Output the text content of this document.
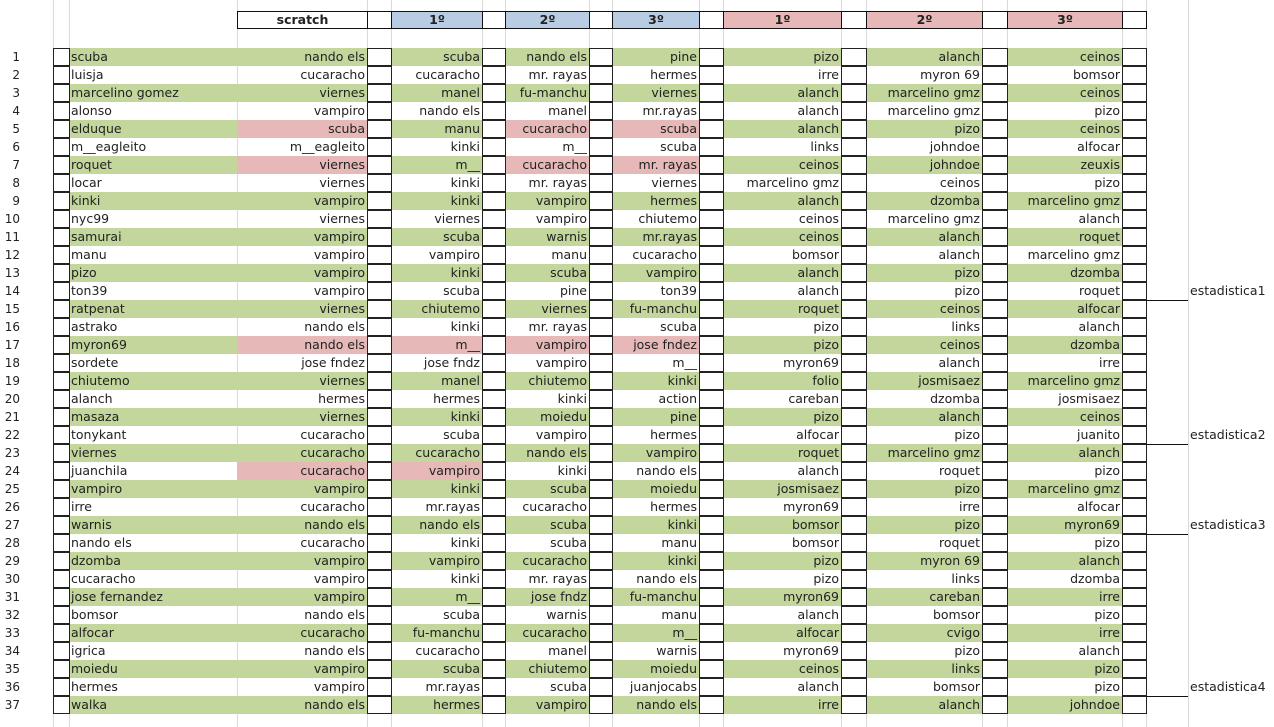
scratch	1º	2º	3º	1º	2º	3º
1	scuba	nando els	scuba	nando els	pine	pizo	alanch	ceinos
2	luisja	cucaracho	cucaracho	mr. rayas	hermes	irre	myron 69	bomsor
3	marcelino gomez	viernes	manel	fu-manchu	viernes	alanch	marcelino gmz	ceinos
4	alonso	vampiro	nando els	manel	mr.rayas	alanch	marcelino gmz	pizo
5	elduque	scuba	manu	cucaracho	scuba	alanch	pizo	ceinos
6	m__eagleito	m__eagleito	kinki	m__	scuba	links	johndoe	alfocar
7	roquet	viernes	m__	cucaracho	mr. rayas	ceinos	johndoe	zeuxis
8	locar	viernes	kinki	mr. rayas	viernes	marcelino gmz	ceinos	pizo
9	kinki	vampiro	kinki	vampiro	hermes	alanch	dzomba	marcelino gmz
10	nyc99	viernes	viernes	vampiro	chiutemo	ceinos	marcelino gmz	alanch
11	samurai	vampiro	scuba	warnis	mr.rayas	ceinos	alanch	roquet
12	manu	vampiro	vampiro	manu	cucaracho	bomsor	alanch	marcelino gmz
13	pizo	vampiro	kinki	scuba	vampiro	alanch	pizo	dzomba
14	ton39	vampiro	scuba	pine	ton39	alanch	pizo	roquet
15	ratpenat	viernes	chiutemo	viernes	fu-manchu	roquet	ceinos	alfocar
16	astrako	nando els	kinki	mr. rayas	scuba	pizo	links	alanch
17	myron69	nando els	m__	vampiro	jose fndez	pizo	ceinos	dzomba
18	sordete	jose fndez	jose fndz	vampiro	m__	myron69	alanch	irre
19	chiutemo	viernes	manel	chiutemo	kinki	folio	josmisaez	marcelino gmz
20	alanch	hermes	hermes	kinki	action	careban	dzomba	josmisaez
21	masaza	viernes	kinki	moiedu	pine	pizo	alanch	ceinos
22	tonykant	cucaracho	scuba	vampiro	hermes	alfocar	pizo	juanito
23	viernes	cucaracho	cucaracho	nando els	vampiro	roquet	marcelino gmz	alanch
24	juanchila	cucaracho	vampiro	kinki	nando els	alanch	roquet	pizo
25	vampiro	vampiro	kinki	scuba	moiedu	josmisaez	pizo	marcelino gmz
26	irre	cucaracho	mr.rayas	cucaracho	hermes	myron69	irre	alfocar
27	warnis	nando els	nando els	scuba	kinki	bomsor	pizo	myron69
28	nando els	cucaracho	kinki	scuba	manu	bomsor	roquet	pizo
29	dzomba	vampiro	vampiro	cucaracho	kinki	pizo	myron 69	alanch
30	cucaracho	vampiro	kinki	mr. rayas	nando els	pizo	links	dzomba
31	jose fernandez	vampiro	m__	jose fndz	fu-manchu	myron69	careban	irre
32	bomsor	nando els	scuba	warnis	manu	alanch	bomsor	pizo
33	alfocar	cucaracho	fu-manchu	cucaracho	m__	alfocar	cvigo	irre
34	igrica	nando els	cucaracho	manel	warnis	myron69	pizo	alanch
35	moiedu	vampiro	scuba	chiutemo	moiedu	ceinos	links	pizo
36	hermes	vampiro	mr.rayas	scuba	juanjocabs	alanch	bomsor	pizo
37	walka	nando els	hermes	vampiro	nando els	irre	alanch	johndoe
estadistica1
estadistica2
estadistica3
estadistica4
